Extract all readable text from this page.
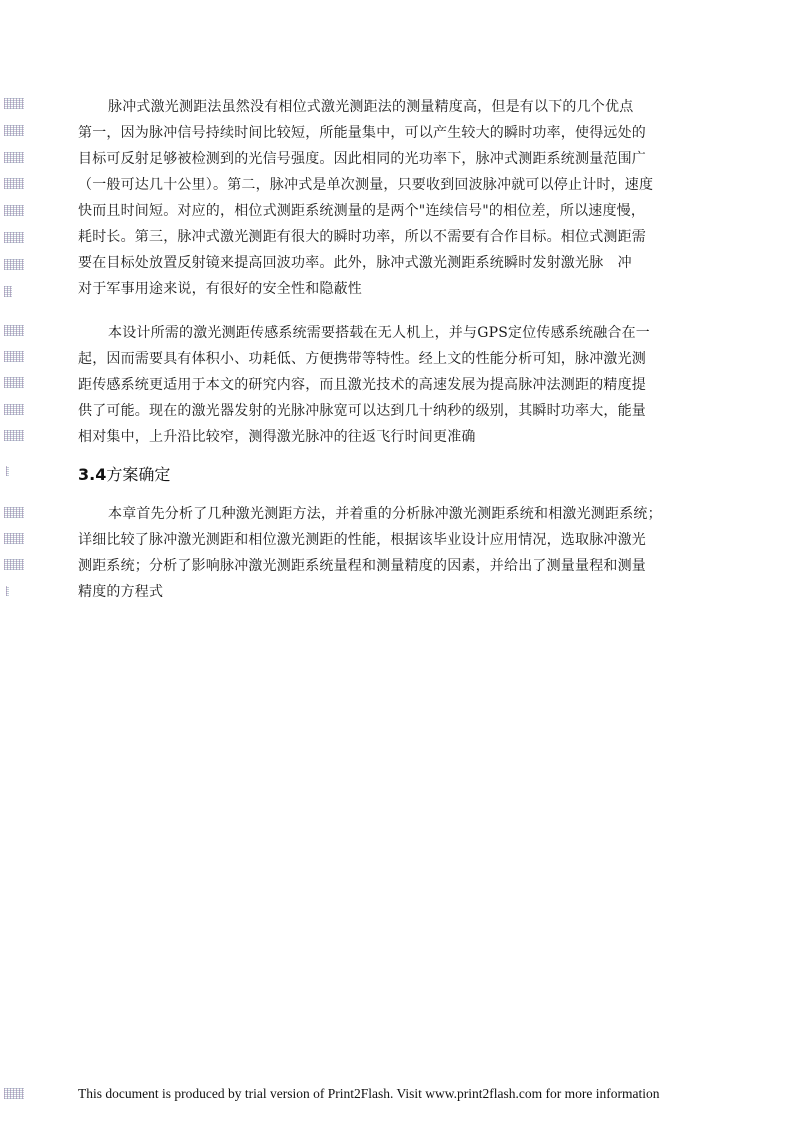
脉冲式激光测距法虽然没有相位式激光测距法的测量精度高，但是有以下的几个优点
第一，因为脉冲信号持续时间比较短，所能量集中，可以产生较大的瞬时功率，使得远处的
目标可反射足够被检测到的光信号强度。因此相同的光功率下，脉冲式测距系统测量范围广
（一般可达几十公里）。第二，脉冲式是单次测量，只要收到回波脉冲就可以停止计时，速度
快而且时间短。对应的，相位式测距系统测量的是两个"连续信号"的相位差，所以速度慢，
耗时长。第三，脉冲式激光测距有很大的瞬时功率，所以不需要有合作目标。相位式测距需
要在目标处放置反射镜来提高回波功率。此外，脉冲式激光测距系统瞬时发射激光脉　冲
对于军事用途来说，有很好的安全性和隐蔽性

本设计所需的激光测距传感系统需要搭载在无人机上，并与GPS定位传感系统融合在一
起，因而需要具有体积小、功耗低、方便携带等特性。经上文的性能分析可知，脉冲激光测
距传感系统更适用于本文的研究内容，而且激光技术的高速发展为提高脉冲法测距的精度提
供了可能。现在的激光器发射的光脉冲脉宽可以达到几十纳秒的级别，其瞬时功率大，能量
相对集中，上升沿比较窄，测得激光脉冲的往返飞行时间更准确

3.4方案确定

本章首先分析了几种激光测距方法，并着重的分析脉冲激光测距系统和相激光测距系统；
详细比较了脉冲激光测距和相位激光测距的性能，根据该毕业设计应用情况，选取脉冲激光
测距系统；分析了影响脉冲激光测距系统量程和测量精度的因素，并给出了测量量程和测量
精度的方程式

This document is produced by trial version of Print2Flash. Visit www.print2flash.com for more information
